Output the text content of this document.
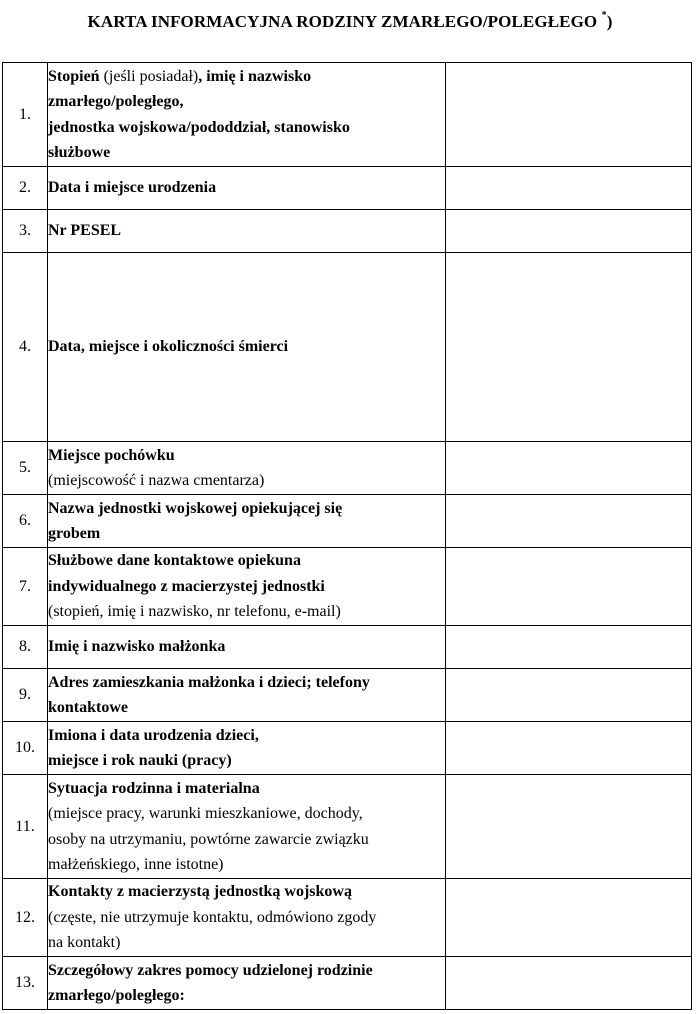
KARTA INFORMACYJNA RODZINY ZMARŁEGO/POLEGŁEGO *)
1.	Stopień (jeśli posiadał), imię i nazwisko
zmarłego/poległego,
jednostka wojskowa/pododdział, stanowisko
służbowe	

2.	Data i miejsce urodzenia	

3.	Nr PESEL	

4.	Data, miejsce i okoliczności śmierci	

5.	Miejsce pochówku
(miejscowość i nazwa cmentarza)	

6.	Nazwa jednostki wojskowej opiekującej się
grobem	

7.	Służbowe dane kontaktowe opiekuna
indywidualnego z macierzystej jednostki
(stopień, imię i nazwisko, nr telefonu, e-mail)	

8.	Imię i nazwisko małżonka	

9.	Adres zamieszkania małżonka i dzieci; telefony
kontaktowe	

10.	Imiona i data urodzenia dzieci,
miejsce i rok nauki (pracy)	

11.	Sytuacja rodzinna i materialna
(miejsce pracy, warunki mieszkaniowe, dochody,
osoby na utrzymaniu, powtórne zawarcie związku
małżeńskiego, inne istotne)	

12.	Kontakty z macierzystą jednostką wojskową
(częste, nie utrzymuje kontaktu, odmówiono zgody
na kontakt)	

13.	Szczegółowy zakres pomocy udzielonej rodzinie
zmarłego/poległego:	
